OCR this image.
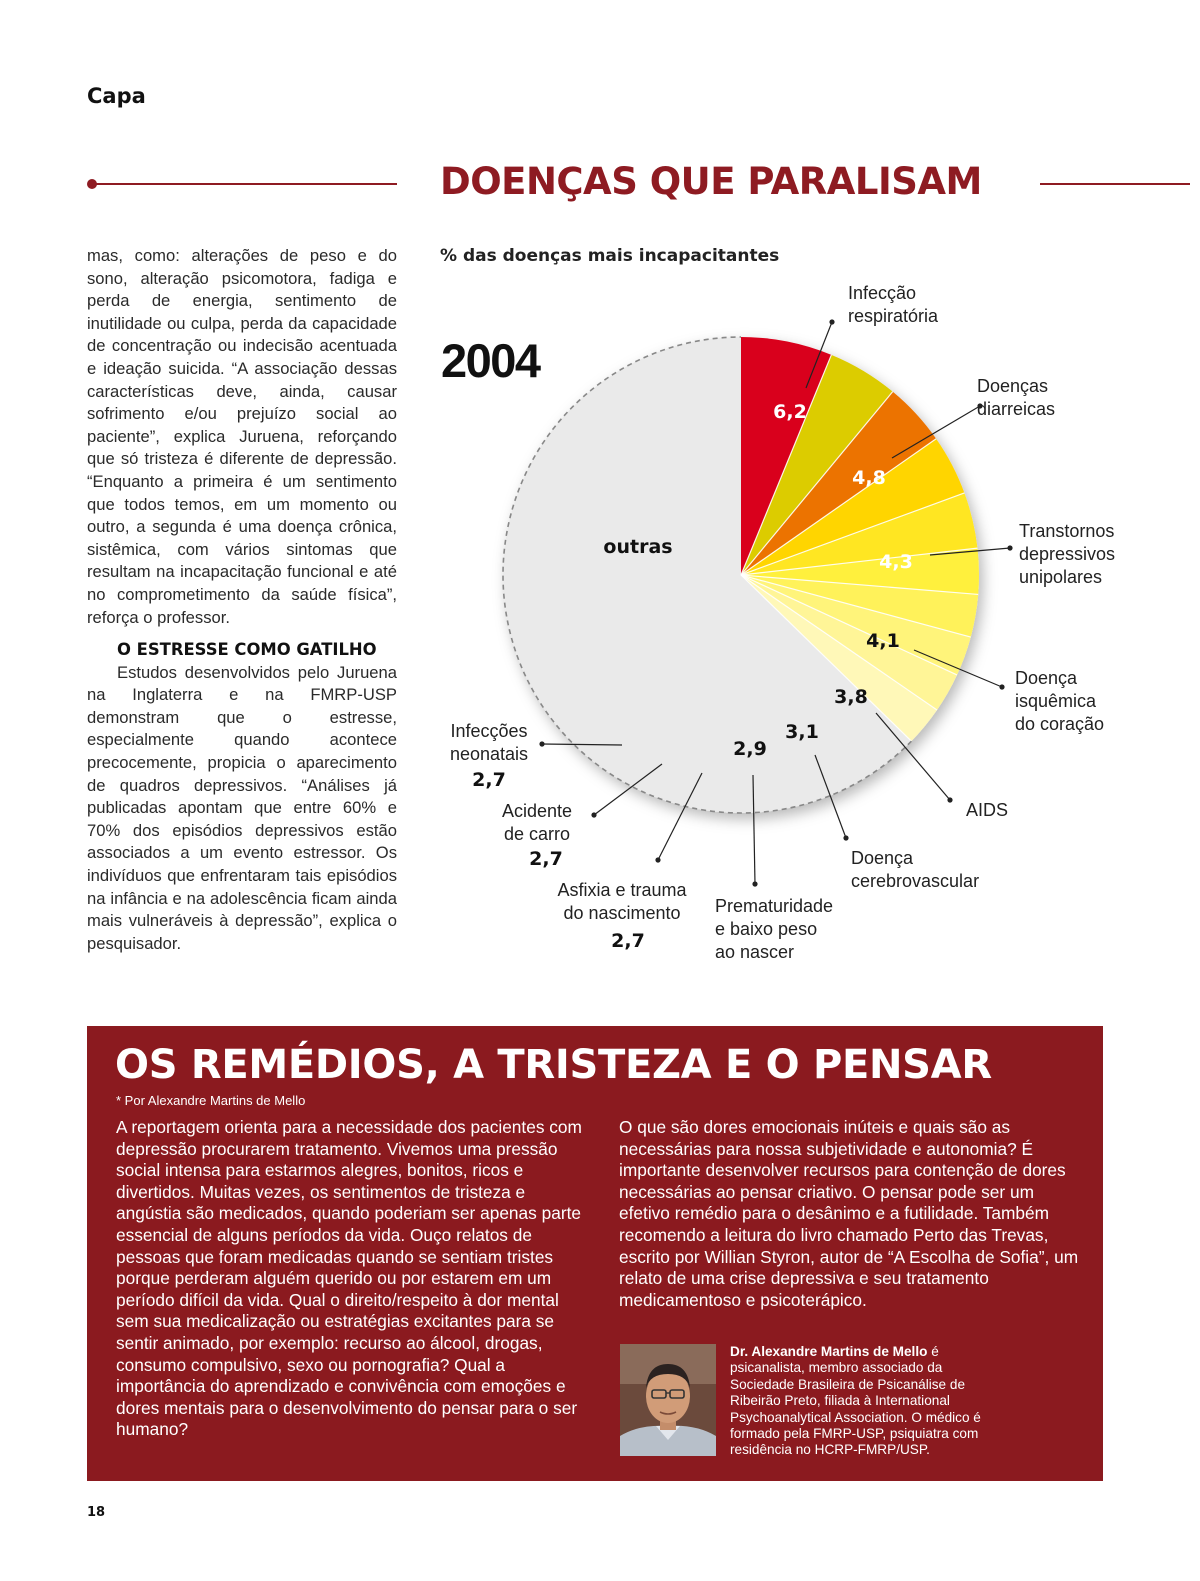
Capa
DOENÇAS QUE PARALISAM

mas, como: alterações de peso e do sono, alteração psicomotora, fadiga e perda de energia, sentimento de inutilidade ou culpa, perda da capacidade de concentração ou indecisão acentuada e ideação suicida. “A associação dessas características deve, ainda, causar sofrimento e/ou prejuízo social ao paciente”, explica Juruena, reforçando que só tristeza é diferente de depressão. “Enquanto a primeira é um sentimento que todos temos, em um momento ou outro, a segunda é uma doença crônica, sistêmica, com vários sintomas que resultam na incapacitação funcional e até no comprometimento da saúde física”, reforça o professor.

O ESTRESSE COMO GATILHO

Estudos desenvolvidos pelo Juruena na Inglaterra e na FMRP-USP demonstram que o estresse, especialmente quando acontece precocemente, propicia o aparecimento de quadros depressivos. “Análises já publicadas apontam que entre 60% e 70% dos episódios depressivos estão associados a um evento estressor. Os indivíduos que enfrentaram tais episódios na infância e na adolescência ficam ainda mais vulneráveis à depressão”, explica o pesquisador.

% das doenças mais incapacitantes
2004
Infecção respiratória
Doenças diarreicas
Transtornos depressivos unipolares
Doença isquêmica do coração
AIDS
Doença cerebrovascular
Prematuridade e baixo peso ao nascer
Asfixia e trauma do nascimento
Acidente de carro
Infecções neonatais
6,2
4,8
4,3
4,1
3,8
3,1
2,9
2,7
2,7
2,7
outras
OS REMÉDIOS, A TRISTEZA E O PENSAR
* Por Alexandre Martins de Mello
A reportagem orienta para a necessidade dos pacientes com depressão procurarem tratamento. Vivemos uma pressão social intensa para estarmos alegres, bonitos, ricos e divertidos. Muitas vezes, os sentimentos de tristeza e angústia são medicados, quando poderiam ser apenas parte essencial de alguns períodos da vida. Ouço relatos de pessoas que foram medicadas quando se sentiam tristes porque perderam alguém querido ou por estarem em um período difícil da vida. Qual o direito/respeito à dor mental sem sua medicalização ou estratégias excitantes para se sentir animado, por exemplo: recurso ao álcool, drogas, consumo compulsivo, sexo ou pornografia? Qual a importância do aprendizado e convivência com emoções e dores mentais para o desenvolvimento do pensar para o ser humano?
O que são dores emocionais inúteis e quais são as necessárias para nossa subjetividade e autonomia? É importante desenvolver recursos para contenção de dores necessárias ao pensar criativo. O pensar pode ser um efetivo remédio para o desânimo e a futilidade. Também recomendo a leitura do livro chamado Perto das Trevas, escrito por Willian Styron, autor de “A Escolha de Sofia”, um relato de uma crise depressiva e seu tratamento medicamentoso e psicoterápico.
Dr. Alexandre Martins de Mello é psicanalista, membro associado da Sociedade Brasileira de Psicanálise de Ribeirão Preto, filiada à International Psychoanalytical Association. O médico é formado pela FMRP-USP, psiquiatra com residência no HCRP-FMRP/USP.
18
